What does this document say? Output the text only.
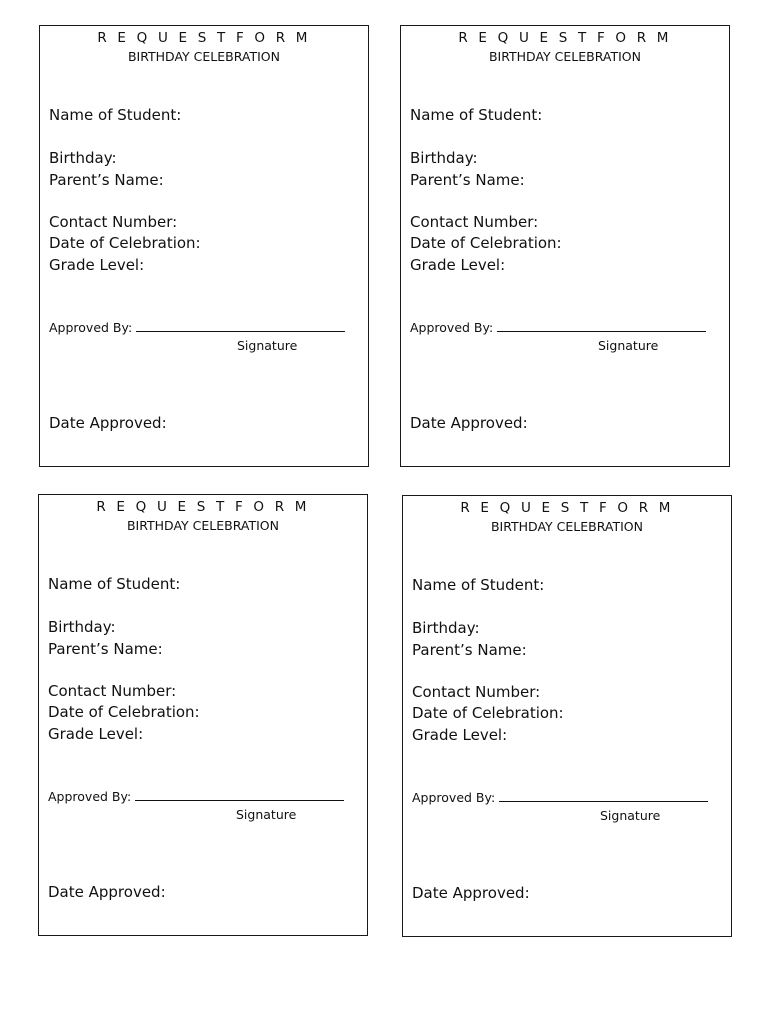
R E Q U E S T F O R M
BIRTHDAY CELEBRATION
Name of Student:
Birthday:
Parent’s Name:
Contact Number:
Date of Celebration:
Grade Level:
Approved By:
Signature
Date Approved:
R E Q U E S T F O R M
BIRTHDAY CELEBRATION
Name of Student:
Birthday:
Parent’s Name:
Contact Number:
Date of Celebration:
Grade Level:
Approved By:
Signature
Date Approved:
R E Q U E S T F O R M
BIRTHDAY CELEBRATION
Name of Student:
Birthday:
Parent’s Name:
Contact Number:
Date of Celebration:
Grade Level:
Approved By:
Signature
Date Approved:
R E Q U E S T F O R M
BIRTHDAY CELEBRATION
Name of Student:
Birthday:
Parent’s Name:
Contact Number:
Date of Celebration:
Grade Level:
Approved By:
Signature
Date Approved:
